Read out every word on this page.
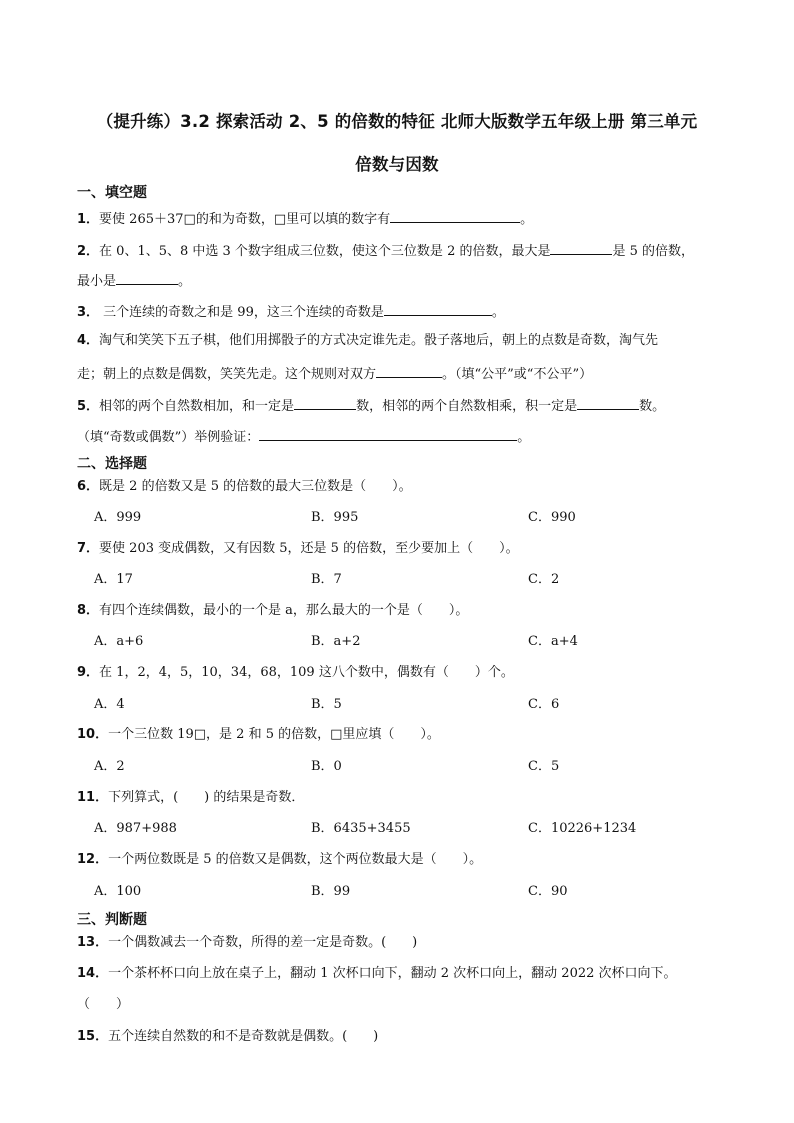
（提升练）3.2 探索活动 2、5 的倍数的特征 北师大版数学五年级上册 第三单元
倍数与因数
一、填空题
1．要使 265＋37□的和为奇数，□里可以填的数字有	。
2．在 0、1、5、8 中选 3 个数字组成三位数，使这个三位数是 2 的倍数，最大是	是 5 的倍数，
最小是	。
3． 三个连续的奇数之和是 99，这三个连续的奇数是	。
4．淘气和笑笑下五子棋，他们用掷骰子的方式决定谁先走。骰子落地后，朝上的点数是奇数，淘气先
走；朝上的点数是偶数，笑笑先走。这个规则对双方	。（填“公平”或“不公平”）
5．相邻的两个自然数相加，和一定是	数，相邻的两个自然数相乘，积一定是	数。
（填“奇数或偶数”）举例验证：	。
二、选择题
6．既是 2 的倍数又是 5 的倍数的最大三位数是（　　）。
A．999	B．995	C．990
7．要使 203 变成偶数，又有因数 5，还是 5 的倍数，至少要加上（　　）。
A．17	B．7	C．2
8．有四个连续偶数，最小的一个是 a，那么最大的一个是（　　）。
A．a+6	B．a+2	C．a+4
9．在 1，2，4，5，10，34，68，109 这八个数中，偶数有（　　）个。
A．4	B．5	C．6
10．一个三位数 19□，是 2 和 5 的倍数，□里应填（　　）。
A．2	B．0	C．5
11．下列算式，(　　) 的结果是奇数．
A．987+988	B．6435+3455	C．10226+1234
12．一个两位数既是 5 的倍数又是偶数，这个两位数最大是（　　）。
A．100	B．99	C．90
三、判断题
13．一个偶数减去一个奇数，所得的差一定是奇数。(　　)
14．一个茶杯杯口向上放在桌子上，翻动 1 次杯口向下，翻动 2 次杯口向上，翻动 2022 次杯口向下。
（　　）
15．五个连续自然数的和不是奇数就是偶数。(　　)
